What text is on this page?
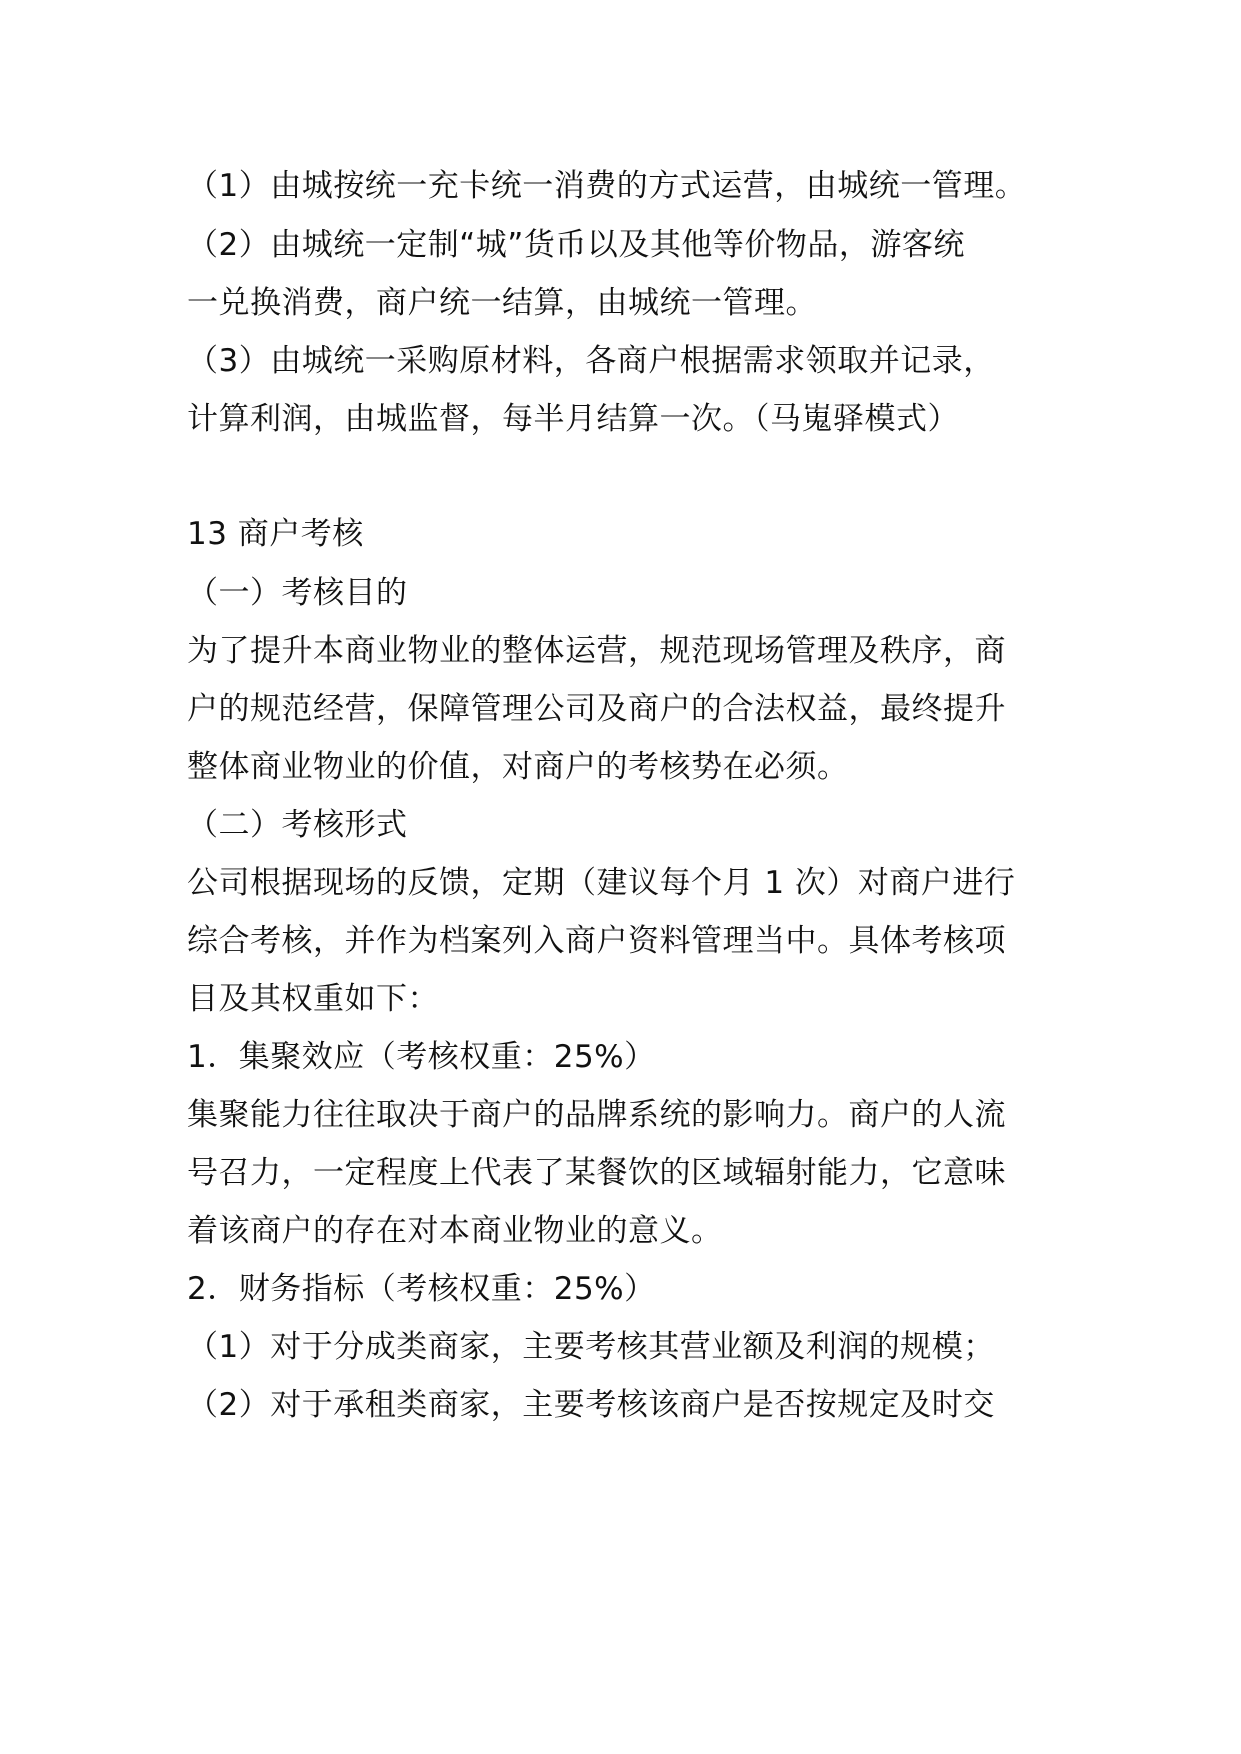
（1）由城按统一充卡统一消费的方式运营，由城统一管理。
（2）由城统一定制“城”货币以及其他等价物品，游客统
一兑换消费，商户统一结算，由城统一管理。
（3）由城统一采购原材料，各商户根据需求领取并记录，
计算利润，由城监督，每半月结算一次。（马嵬驿模式）
13 商户考核
（一）考核目的
为了提升本商业物业的整体运营，规范现场管理及秩序，商
户的规范经营，保障管理公司及商户的合法权益，最终提升
整体商业物业的价值，对商户的考核势在必须。
（二）考核形式
公司根据现场的反馈，定期（建议每个月 1 次）对商户进行
综合考核，并作为档案列入商户资料管理当中。具体考核项
目及其权重如下：
1．集聚效应（考核权重：25%）
集聚能力往往取决于商户的品牌系统的影响力。商户的人流
号召力，一定程度上代表了某餐饮的区域辐射能力，它意味
着该商户的存在对本商业物业的意义。
2．财务指标（考核权重：25%）
（1）对于分成类商家，主要考核其营业额及利润的规模；
（2）对于承租类商家，主要考核该商户是否按规定及时交
